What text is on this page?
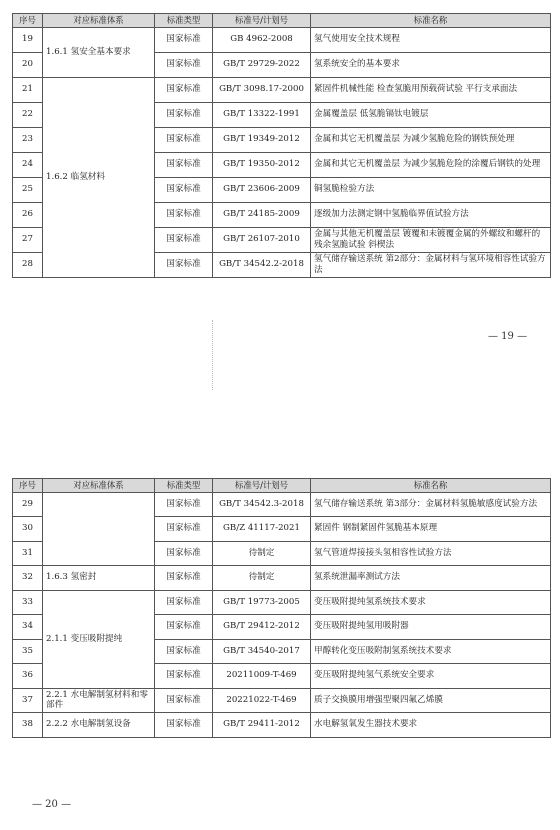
序号	对应标准体系	标准类型	标准号/计划号	标准名称
19	1.6.1 氢安全基本要求	国家标准	GB 4962-2008	氢气使用安全技术规程
20		国家标准	GB/T 29729-2022	氢系统安全的基本要求
21	1.6.2 临氢材料	国家标准	GB/T 3098.17-2000	紧固件机械性能 检查氢脆用预载荷试验 平行支承面法
22		国家标准	GB/T 13322-1991	金属覆盖层 低氢脆镉钛电镀层
23		国家标准	GB/T 19349-2012	金属和其它无机覆盖层 为减少氢脆危险的钢铁预处理
24		国家标准	GB/T 19350-2012	金属和其它无机覆盖层 为减少氢脆危险的涂覆后钢铁的处理
25		国家标准	GB/T 23606-2009	铜氢脆检验方法
26		国家标准	GB/T 24185-2009	逐级加力法测定钢中氢脆临界值试验方法
27		国家标准	GB/T 26107-2010	金属与其他无机覆盖层 镀覆和未镀覆金属的外螺纹和螺杆的残余氢脆试验 斜楔法
28		国家标准	GB/T 34542.2-2018	氢气储存输送系统 第2部分：金属材料与氢环境相容性试验方法
— 19 —
序号	对应标准体系	标准类型	标准号/计划号	标准名称
29		国家标准	GB/T 34542.3-2018	氢气储存输送系统 第3部分：金属材料氢脆敏感度试验方法
30		国家标准	GB/Z 41117-2021	紧固件 钢制紧固件氢脆基本原理
31		国家标准	待制定	氢气管道焊接接头氢相容性试验方法
32	1.6.3 氢密封	国家标准	待制定	氢系统泄漏率测试方法
33	2.1.1 变压吸附提纯	国家标准	GB/T 19773-2005	变压吸附提纯氢系统技术要求
34		国家标准	GB/T 29412-2012	变压吸附提纯氢用吸附器
35		国家标准	GB/T 34540-2017	甲醇转化变压吸附制氢系统技术要求
36		国家标准	20211009-T-469	变压吸附提纯氢气系统安全要求
37	2.2.1 水电解制氢材料和零部件	国家标准	20221022-T-469	质子交换膜用增强型聚四氟乙烯膜
38	2.2.2 水电解制氢设备	国家标准	GB/T 29411-2012	水电解氢氧发生器技术要求
— 20 —
